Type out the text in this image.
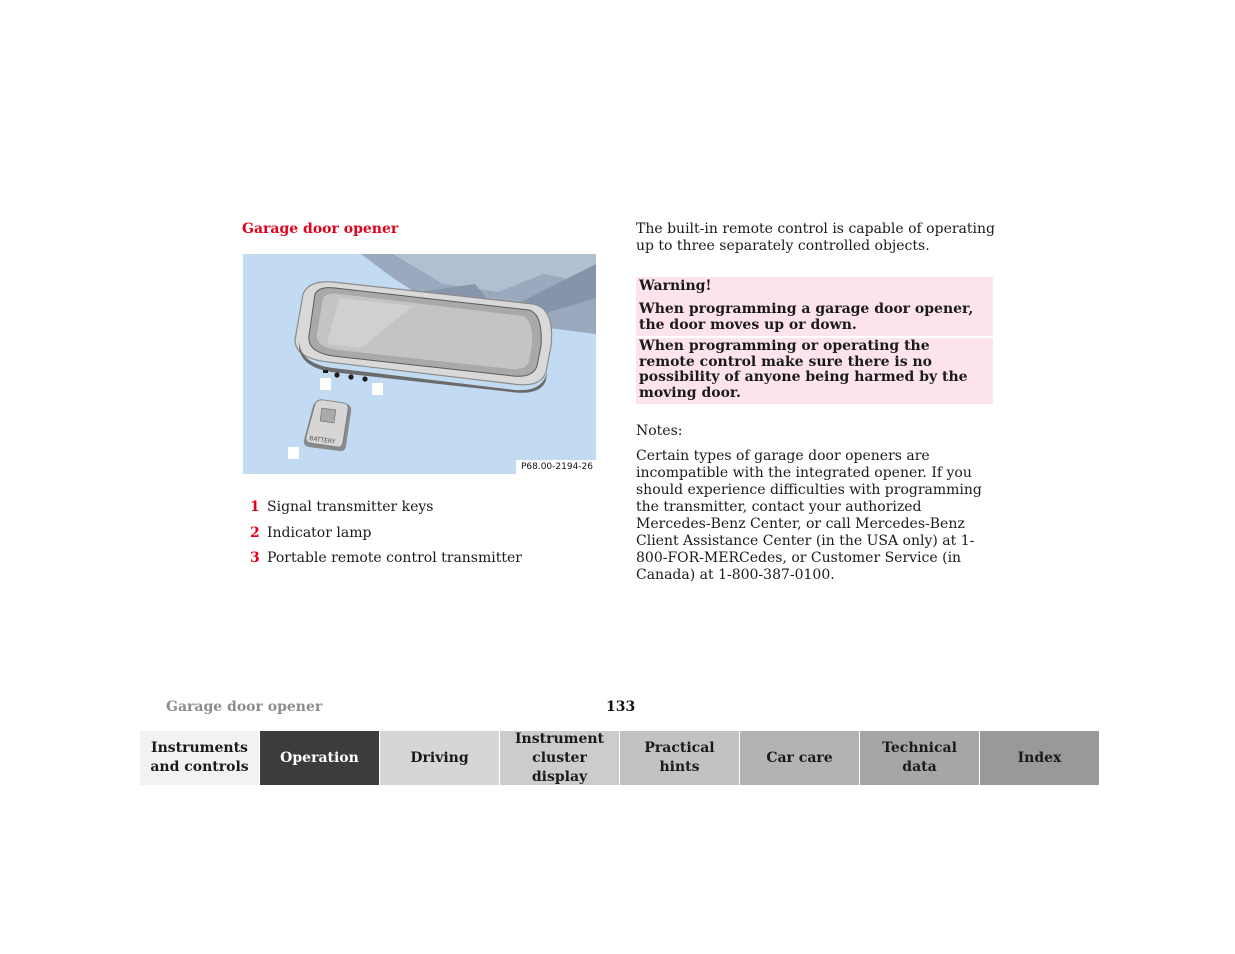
Garage door opener
BATTERY
P68.00-2194-26
1 Signal transmitter keys
2 Indicator lamp
3 Portable remote control transmitter

The built-in remote control is capable of operating up to three separately controlled objects.

Warning!
When programming a garage door opener, the door moves up or down.
When programming or operating the remote control make sure there is no possibility of anyone being harmed by the moving door.

Notes:

Certain types of garage door openers are incompatible with the integrated opener. If you should experience difficulties with programming the transmitter, contact your authorized Mercedes-Benz Center, or call Mercedes-Benz Client Assistance Center (in the USA only) at 1-800-FOR-MERCedes, or Customer Service (in Canada) at 1-800-387-0100.

Garage door opener	133
Instruments and controls
Operation	Driving
Instrument cluster display
Practical hints
Car care
Technical data
Index
